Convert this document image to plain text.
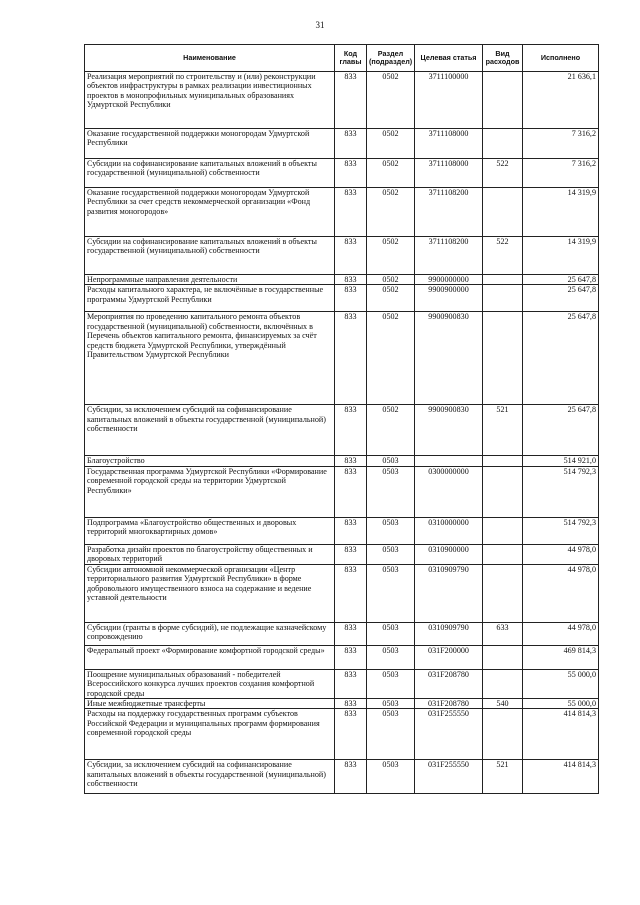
31
Наименование	Код главы	Раздел (подраздел)	Целевая статья	Вид расходов	Исполнено
Реализация мероприятий по строительству и (или) реконструкции объектов инфраструктуры в рамках реализации инвестиционных проектов в монопрофильных муниципальных образованиях Удмуртской Республики	833	0502	3711100000		21 636,1
Оказание государственной поддержки моногородам Удмуртской Республики	833	0502	3711108000		7 316,2
Субсидии на софинансирование капитальных вложений в объекты государственной (муниципальной) собственности	833	0502	3711108000	522	7 316,2
Оказание государственной поддержки моногородам Удмуртской Республики за счет средств некоммерческой организации «Фонд развития моногородов»	833	0502	3711108200		14 319,9
Субсидии на софинансирование капитальных вложений в объекты государственной (муниципальной) собственности	833	0502	3711108200	522	14 319,9
Непрограммные направления деятельности	833	0502	9900000000		25 647,8
Расходы капитального характера, не включённые в государственные программы Удмуртской Республики	833	0502	9900900000		25 647,8
Мероприятия по проведению капитального ремонта объектов государственной (муниципальной) собственности, включённых в Перечень объектов капитального ремонта, финансируемых за счёт средств бюджета Удмуртской Республики, утверждённый Правительством Удмуртской Республики	833	0502	9900900830		25 647,8
Субсидии, за исключением субсидий на софинансирование капитальных вложений в объекты государственной (муниципальной) собственности	833	0502	9900900830	521	25 647,8
Благоустройство	833	0503			514 921,0
Государственная программа Удмуртской Республики «Формирование современной городской среды на территории Удмуртской Республики»	833	0503	0300000000		514 792,3
Подпрограмма «Благоустройство общественных и дворовых территорий многоквартирных домов»	833	0503	0310000000		514 792,3
Разработка дизайн проектов по благоустройству общественных и дворовых территорий	833	0503	0310900000		44 978,0
Субсидии автономной некоммерческой организации «Центр территориального развития Удмуртской Республики» в форме добровольного имущественного взноса на содержание и ведение уставной деятельности	833	0503	0310909790		44 978,0
Субсидии (гранты в форме субсидий), не подлежащие казначейскому сопровождению	833	0503	0310909790	633	44 978,0
Федеральный проект «Формирование комфортной городской среды»	833	0503	031F200000		469 814,3
Поощрение муниципальных образований - победителей Всероссийского конкурса лучших проектов создания комфортной городской среды	833	0503	031F208780		55 000,0
Иные межбюджетные трансферты	833	0503	031F208780	540	55 000,0
Расходы на поддержку государственных программ субъектов Российской Федерации и муниципальных программ формирования современной городской среды	833	0503	031F255550		414 814,3
Субсидии, за исключением субсидий на софинансирование капитальных вложений в объекты государственной (муниципальной) собственности	833	0503	031F255550	521	414 814,3
